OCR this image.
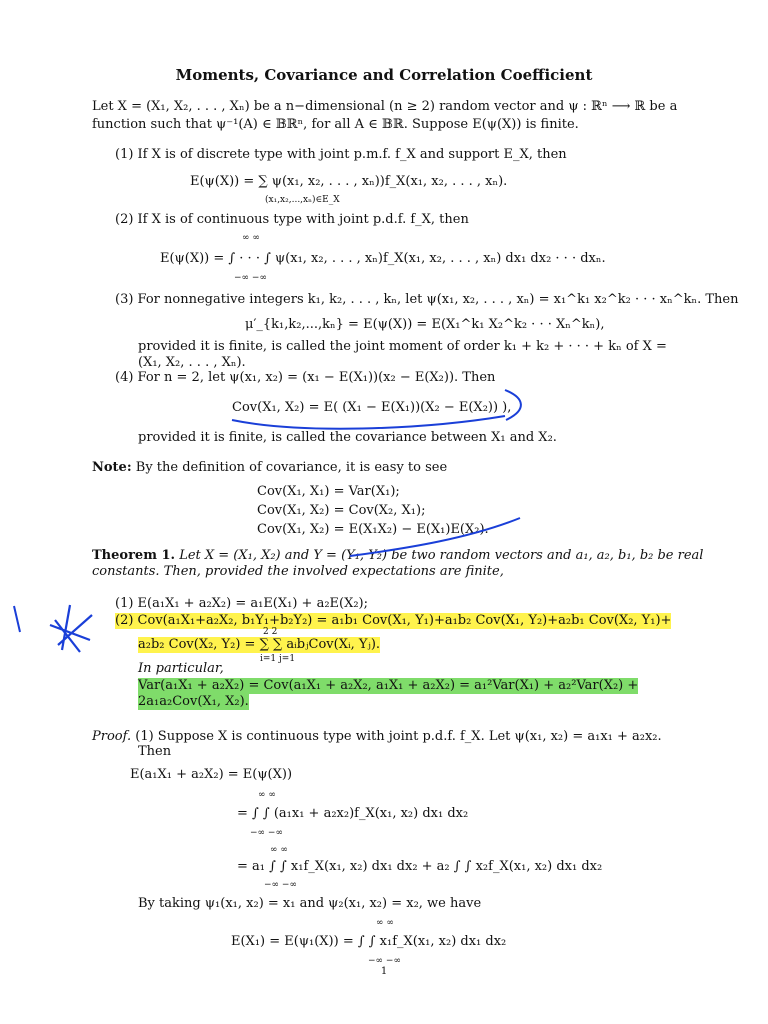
Moments, Covariance and Correlation Coefficient
Let X = (X₁, X₂, . . . , Xₙ) be a n−dimensional (n ≥ 2) random vector and ψ : ℝⁿ ⟶ ℝ be a
function such that ψ⁻¹(A) ∈ 𝔹ℝⁿ, for all A ∈ 𝔹ℝ. Suppose E(ψ(X)) is finite.
(1) If X is of discrete type with joint p.m.f. f_X and support E_X, then
E(ψ(X)) = ∑ ψ(x₁, x₂, . . . , xₙ))f_X(x₁, x₂, . . . , xₙ).
(x₁,x₂,...,xₙ)∈E_X
(2) If X is of continuous type with joint p.d.f. f_X, then
∞ ∞
E(ψ(X)) = ∫ · · · ∫ ψ(x₁, x₂, . . . , xₙ)f_X(x₁, x₂, . . . , xₙ) dx₁ dx₂ · · · dxₙ.
−∞ −∞
(3) For nonnegative integers k₁, k₂, . . . , kₙ, let ψ(x₁, x₂, . . . , xₙ) = x₁^k₁ x₂^k₂ · · · xₙ^kₙ. Then
μ′_{k₁,k₂,...,kₙ} = E(ψ(X)) = E(X₁^k₁ X₂^k₂ · · · Xₙ^kₙ),
provided it is finite, is called the joint moment of order k₁ + k₂ + · · · + kₙ of X =
(X₁, X₂, . . . , Xₙ).
(4) For n = 2, let ψ(x₁, x₂) = (x₁ − E(X₁))(x₂ − E(X₂)). Then
Cov(X₁, X₂) = E( (X₁ − E(X₁))(X₂ − E(X₂)) ),
provided it is finite, is called the covariance between X₁ and X₂.
Note: By the definition of covariance, it is easy to see
Cov(X₁, X₁) = Var(X₁);
Cov(X₁, X₂) = Cov(X₂, X₁);
Cov(X₁, X₂) = E(X₁X₂) − E(X₁)E(X₂).
Theorem 1. Let X = (X₁, X₂) and Y = (Y₁, Y₂) be two random vectors and a₁, a₂, b₁, b₂ be real
constants. Then, provided the involved expectations are finite,
(1) E(a₁X₁ + a₂X₂) = a₁E(X₁) + a₂E(X₂);
(2) Cov(a₁X₁+a₂X₂, b₁Y₁+b₂Y₂) = a₁b₁ Cov(X₁, Y₁)+a₁b₂ Cov(X₁, Y₂)+a₂b₁ Cov(X₂, Y₁)+
2 2
a₂b₂ Cov(X₂, Y₂) = ∑ ∑ aᵢbⱼCov(Xᵢ, Yⱼ).
i=1 j=1
In particular,
Var(a₁X₁ + a₂X₂) = Cov(a₁X₁ + a₂X₂, a₁X₁ + a₂X₂) = a₁²Var(X₁) + a₂²Var(X₂) +
2a₁a₂Cov(X₁, X₂).
Proof. (1) Suppose X is continuous type with joint p.d.f. f_X. Let ψ(x₁, x₂) = a₁x₁ + a₂x₂.
Then
E(a₁X₁ + a₂X₂) = E(ψ(X))
∞ ∞
= ∫ ∫ (a₁x₁ + a₂x₂)f_X(x₁, x₂) dx₁ dx₂
−∞ −∞
∞ ∞
= a₁ ∫ ∫ x₁f_X(x₁, x₂) dx₁ dx₂ + a₂ ∫ ∫ x₂f_X(x₁, x₂) dx₁ dx₂
−∞ −∞
By taking ψ₁(x₁, x₂) = x₁ and ψ₂(x₁, x₂) = x₂, we have
∞ ∞
E(X₁) = E(ψ₁(X)) = ∫ ∫ x₁f_X(x₁, x₂) dx₁ dx₂
−∞ −∞
1
